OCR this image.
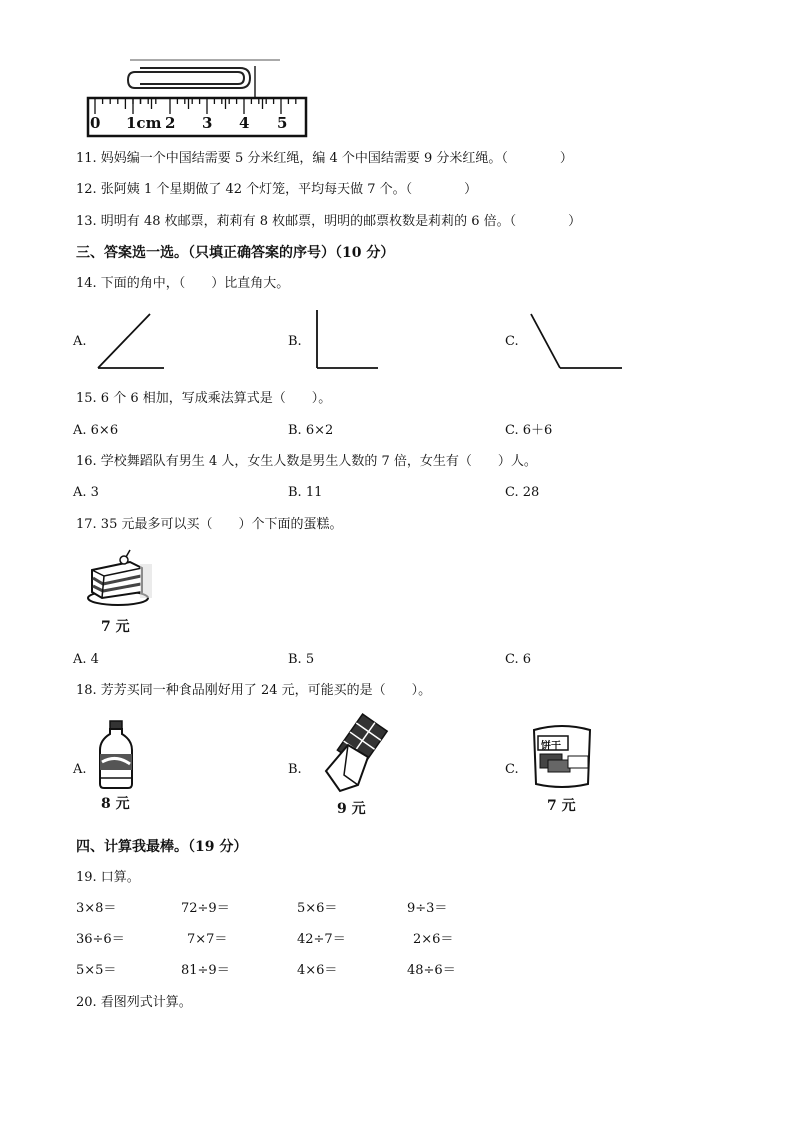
0 1cm 2 3 4 5
11. 妈妈编一个中国结需要 5 分米红绳，编 4 个中国结需要 9 分米红绳。（　　　　）
12. 张阿姨 1 个星期做了 42 个灯笼，平均每天做 7 个。（　　　　）
13. 明明有 48 枚邮票，莉莉有 8 枚邮票，明明的邮票枚数是莉莉的 6 倍。（　　　　）
三、答案选一选。（只填正确答案的序号）（10 分）
14. 下面的角中，（　　）比直角大。
A.	B.	C.
15. 6 个 6 相加，写成乘法算式是（　　）。
A. 6×6	B. 6×2	C. 6＋6
16. 学校舞蹈队有男生 4 人，女生人数是男生人数的 7 倍，女生有（　　）人。
A. 3	B. 11	C. 28
17. 35 元最多可以买（　　）个下面的蛋糕。
7 元
A. 4	B. 5	C. 6
18. 芳芳买同一种食品刚好用了 24 元，可能买的是（　　）。
A.
8 元
B.
9 元
C.
饼干
7 元
四、计算我最棒。（19 分）
19. 口算。
3×8＝	72÷9＝	5×6＝	9÷3＝
36÷6＝	7×7＝	42÷7＝	2×6＝
5×5＝	81÷9＝	4×6＝	48÷6＝
20. 看图列式计算。
